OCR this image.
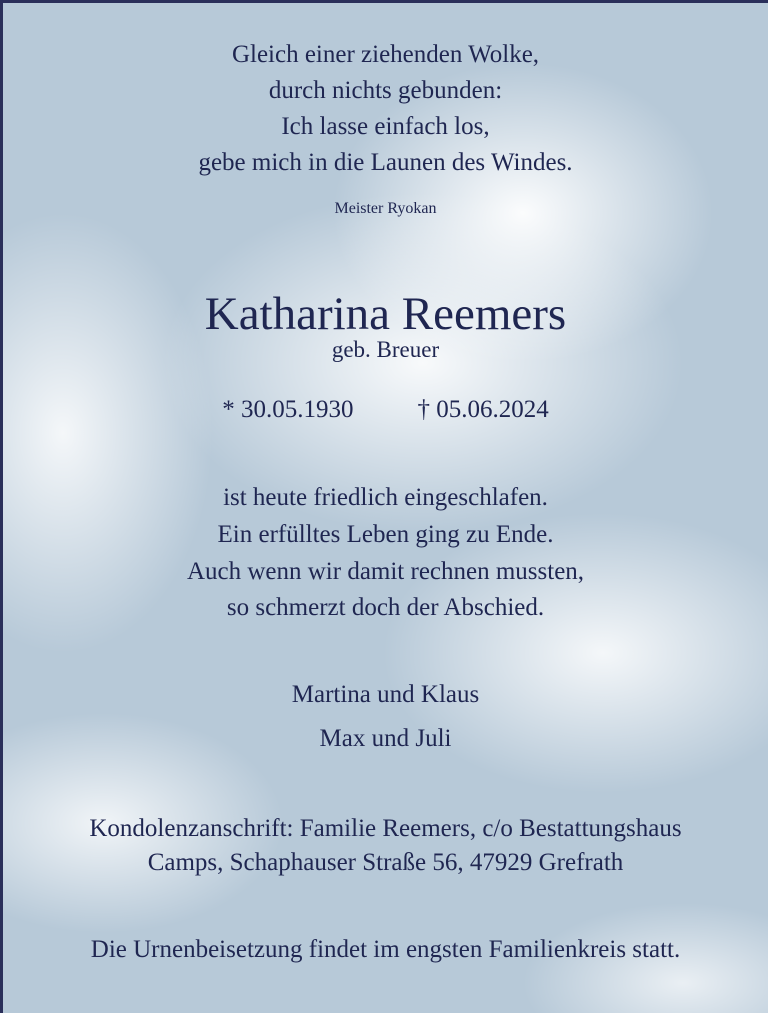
Gleich einer ziehenden Wolke,
durch nichts gebunden:
Ich lasse einfach los,
gebe mich in die Launen des Windes.
Meister Ryokan
Katharina Reemers
geb. Breuer
* 30.05.1930	† 05.06.2024
ist heute friedlich eingeschlafen.
Ein erfülltes Leben ging zu Ende.
Auch wenn wir damit rechnen mussten,
so schmerzt doch der Abschied.
Martina und Klaus
Max und Juli
Kondolenzanschrift: Familie Reemers, c/o Bestattungshaus
Camps, Schaphauser Straße 56, 47929 Grefrath
Die Urnenbeisetzung findet im engsten Familienkreis statt.
